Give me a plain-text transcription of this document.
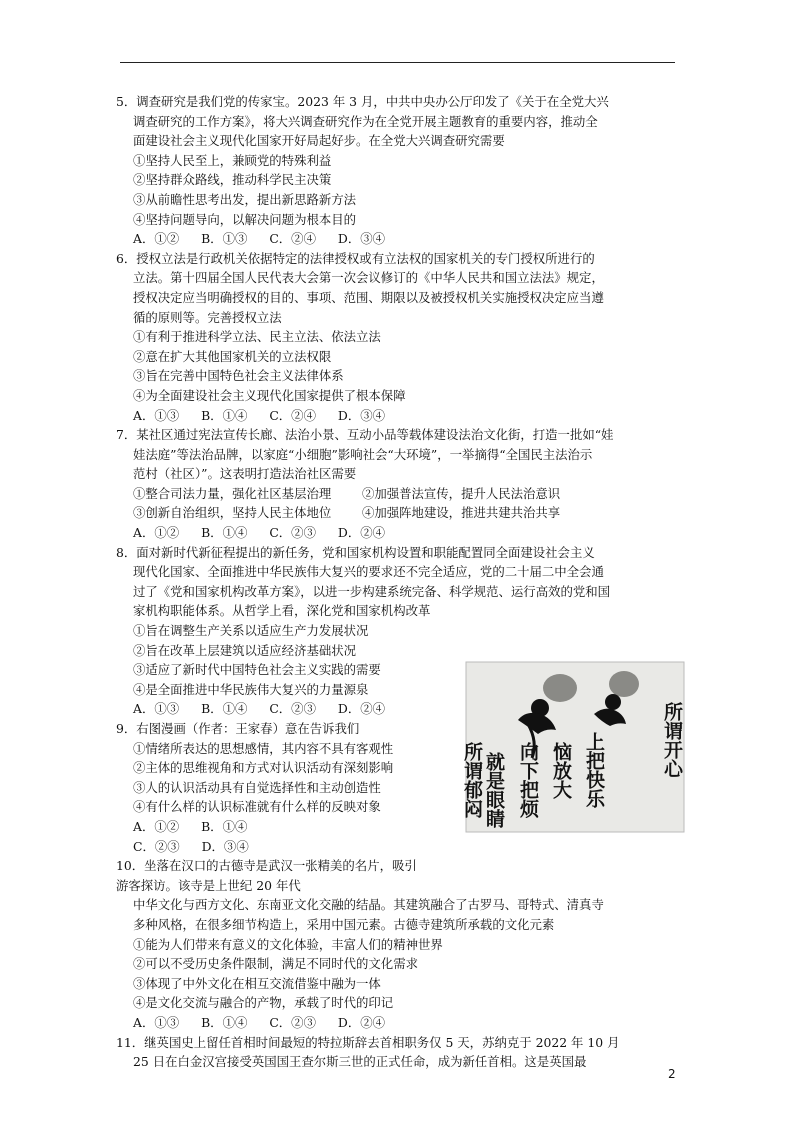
5．调查研究是我们党的传家宝。2023 年 3 月，中共中央办公厅印发了《关于在全党大兴
调查研究的工作方案》，将大兴调查研究作为在全党开展主题教育的重要内容，推动全
面建设社会主义现代化国家开好局起好步。在全党大兴调查研究需要
①坚持人民至上，兼顾党的特殊利益
②坚持群众路线，推动科学民主决策
③从前瞻性思考出发，提出新思路新方法
④坚持问题导向，以解决问题为根本目的
A．①② B．①③ C．②④ D．③④
6．授权立法是行政机关依据特定的法律授权或有立法权的国家机关的专门授权所进行的
立法。第十四届全国人民代表大会第一次会议修订的《中华人民共和国立法法》规定，
授权决定应当明确授权的目的、事项、范围、期限以及被授权机关实施授权决定应当遵
循的原则等。完善授权立法
①有利于推进科学立法、民主立法、依法立法
②意在扩大其他国家机关的立法权限
③旨在完善中国特色社会主义法律体系
④为全面建设社会主义现代化国家提供了根本保障
A．①③ B．①④ C．②④ D．③④
7．某社区通过宪法宣传长廊、法治小景、互动小品等载体建设法治文化街，打造一批如“娃
娃法庭”等法治品牌，以家庭“小细胞”影响社会“大环境”，一举摘得“全国民主法治示
范村（社区）”。这表明打造法治社区需要
①整合司法力量，强化社区基层治理 ②加强普法宣传，提升人民法治意识
③创新自治组织，坚持人民主体地位 ④加强阵地建设，推进共建共治共享
A．①② B．①④ C．②③ D．②④
8．面对新时代新征程提出的新任务，党和国家机构设置和职能配置同全面建设社会主义
现代化国家、全面推进中华民族伟大复兴的要求还不完全适应，党的二十届二中全会通
过了《党和国家机构改革方案》，以进一步构建系统完备、科学规范、运行高效的党和国
家机构职能体系。从哲学上看，深化党和国家机构改革
①旨在调整生产关系以适应生产力发展状况
②旨在改革上层建筑以适应经济基础状况
③适应了新时代中国特色社会主义实践的需要
④是全面推进中华民族伟大复兴的力量源泉
A．①③ B．①④ C．②③ D．②④
9．右图漫画（作者：王家春）意在告诉我们
①情绪所表达的思想感情，其内容不具有客观性
②主体的思维视角和方式对认识活动有深刻影响
③人的认识活动具有自觉选择性和主动创造性
④有什么样的认识标准就有什么样的反映对象
A．①② B．①④
C．②③ D．③④
10．坐落在汉口的古德寺是武汉一张精美的名片，吸引
游客探访。该寺是上世纪 20 年代
中华文化与西方文化、东南亚文化交融的结晶。其建筑融合了古罗马、哥特式、清真寺
多种风格，在很多细节构造上，采用中国元素。古德寺建筑所承载的文化元素
①能为人们带来有意义的文化体验，丰富人们的精神世界
②可以不受历史条件限制，满足不同时代的文化需求
③体现了中外文化在相互交流借鉴中融为一体
④是文化交流与融合的产物，承载了时代的印记
A．①③ B．①④ C．②③ D．②④
11．继英国史上留任首相时间最短的特拉斯辞去首相职务仅 5 天，苏纳克于 2022 年 10 月
25 日在白金汉宫接受英国国王查尔斯三世的正式任命，成为新任首相。这是英国最
所谓开心
就是眼睛 向下把烦 恼放大 上把快乐
所谓郁闷
2
